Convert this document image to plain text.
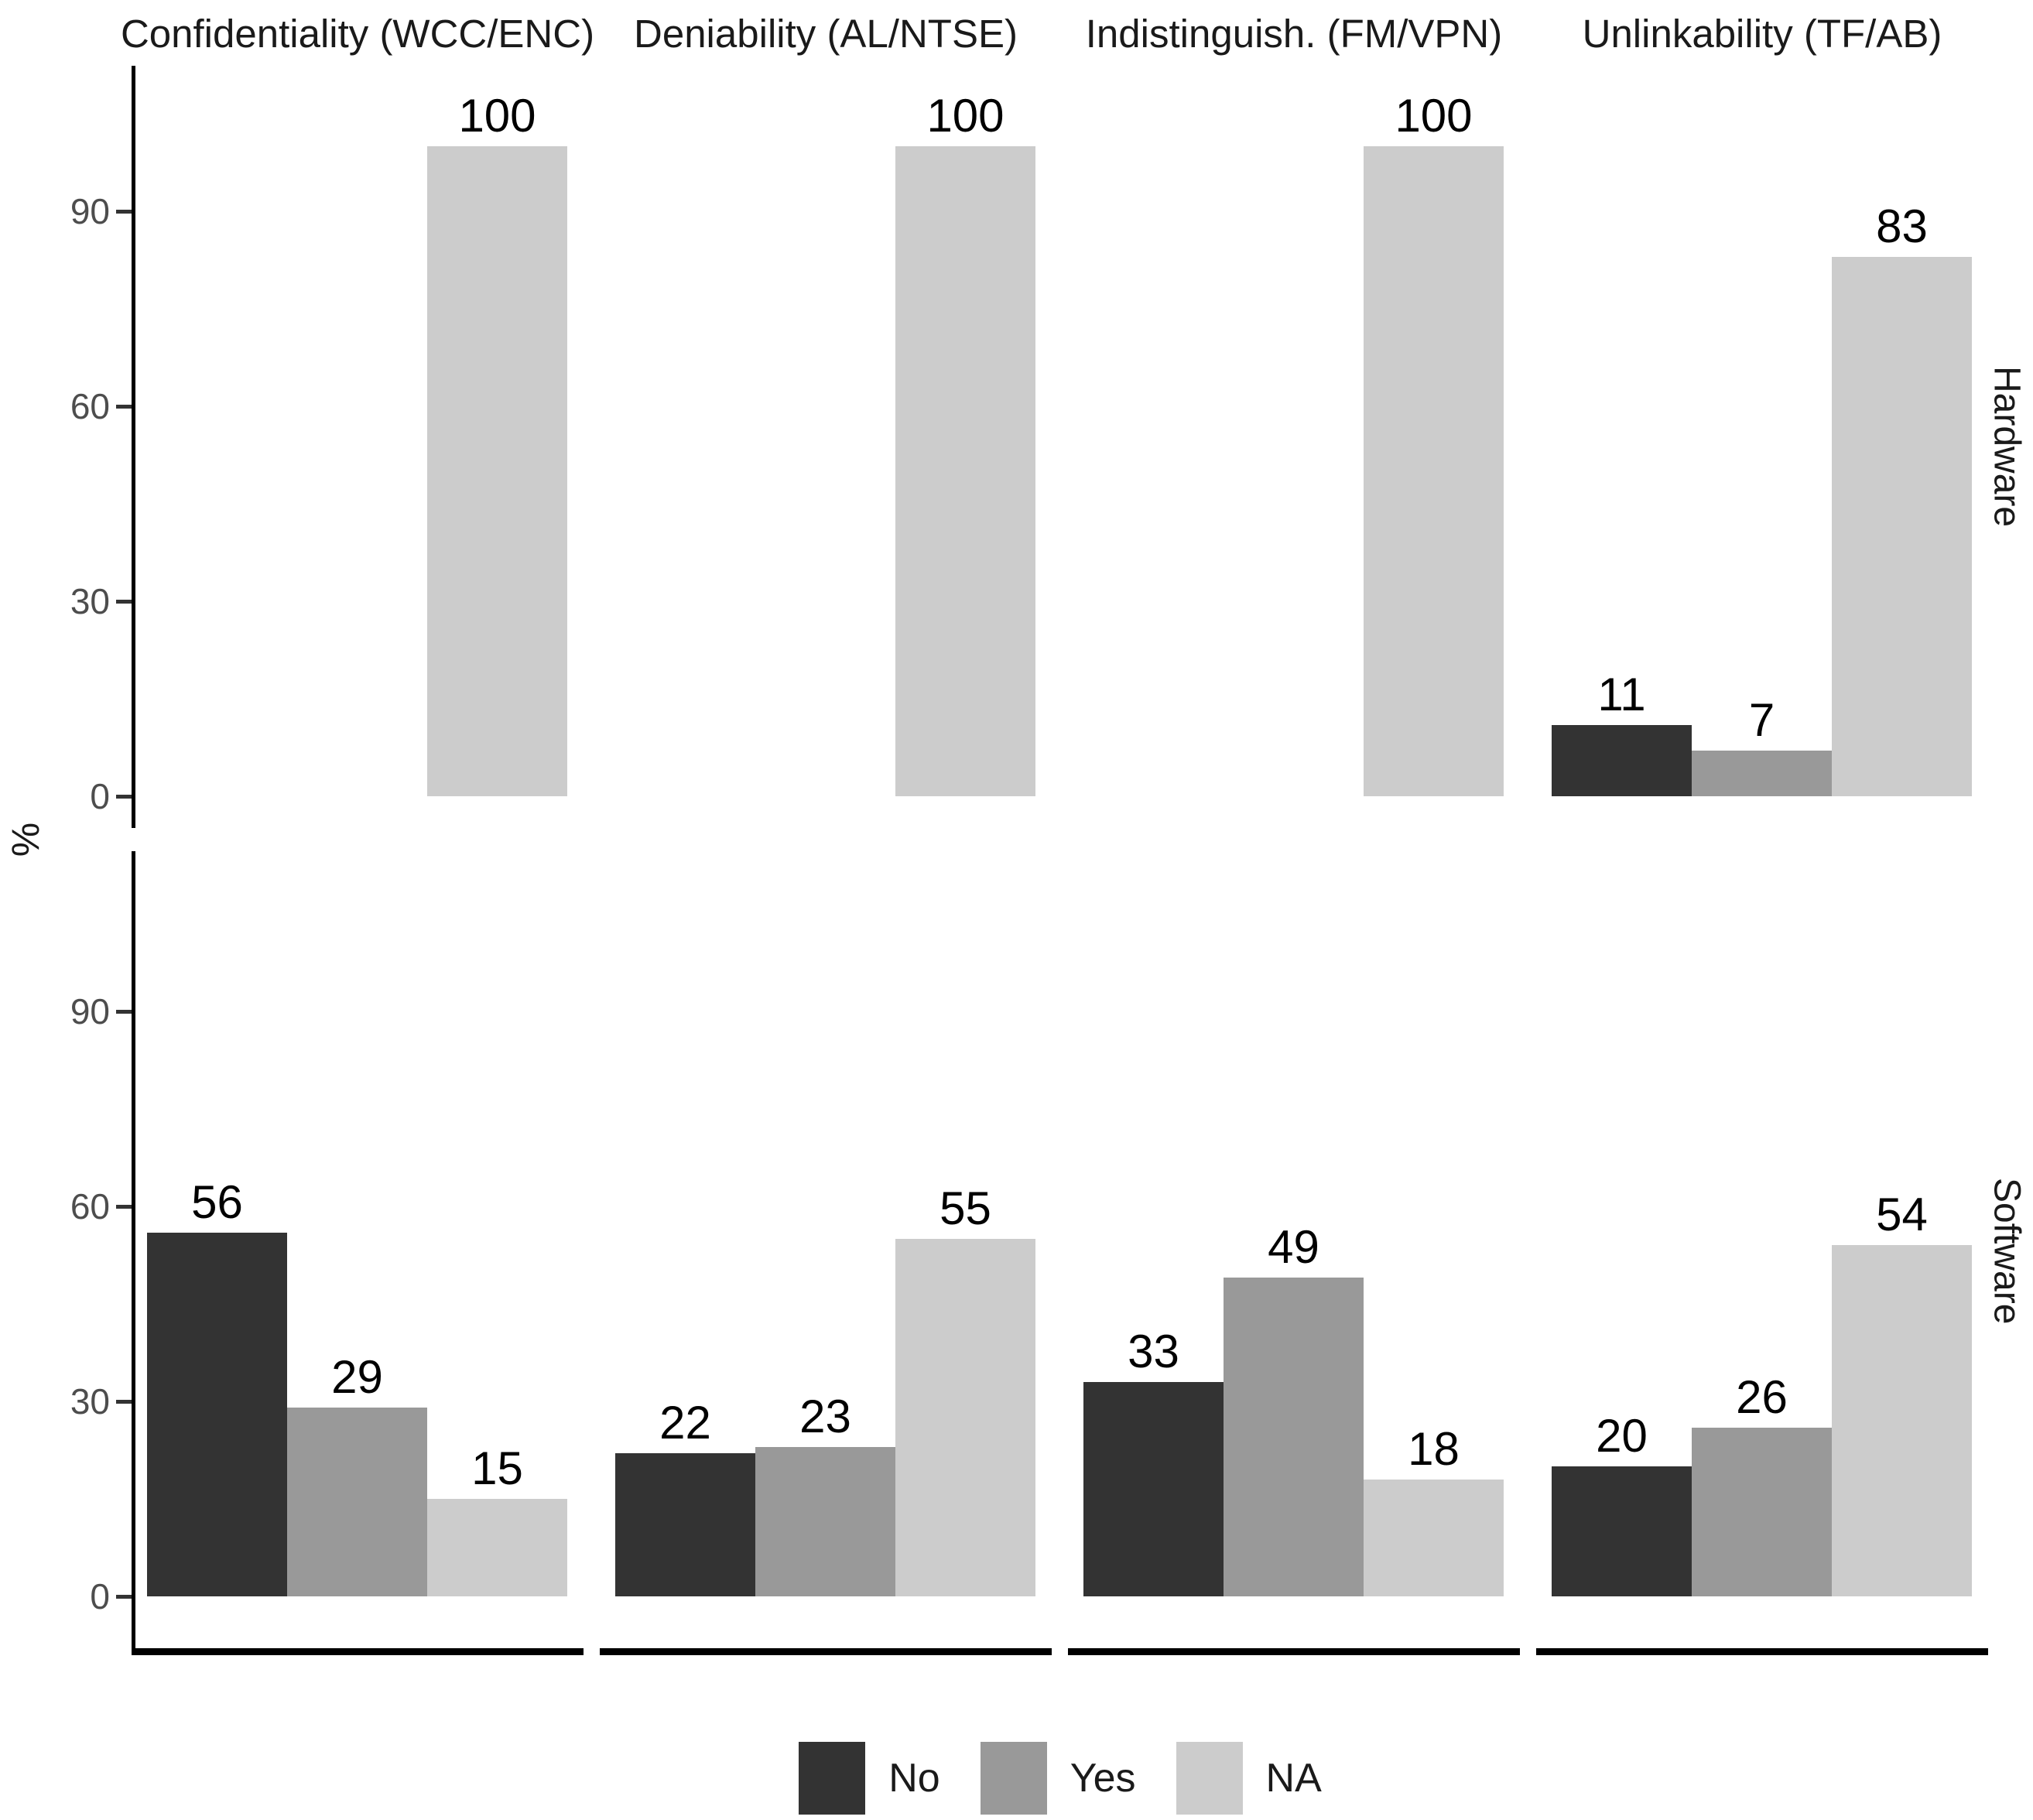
%
No	Yes	NA
Confidentiality (WCC/ENC) Deniability (AL/NTSE)	Indistinguish. (FM/VPN)	Unlinkability (TF/AB)
Hardware
Software
0
30
60
90
100	100	100
11
7
83
0
30
60
90
56
29
15
22	23
55
33
49
18	20
26
54
